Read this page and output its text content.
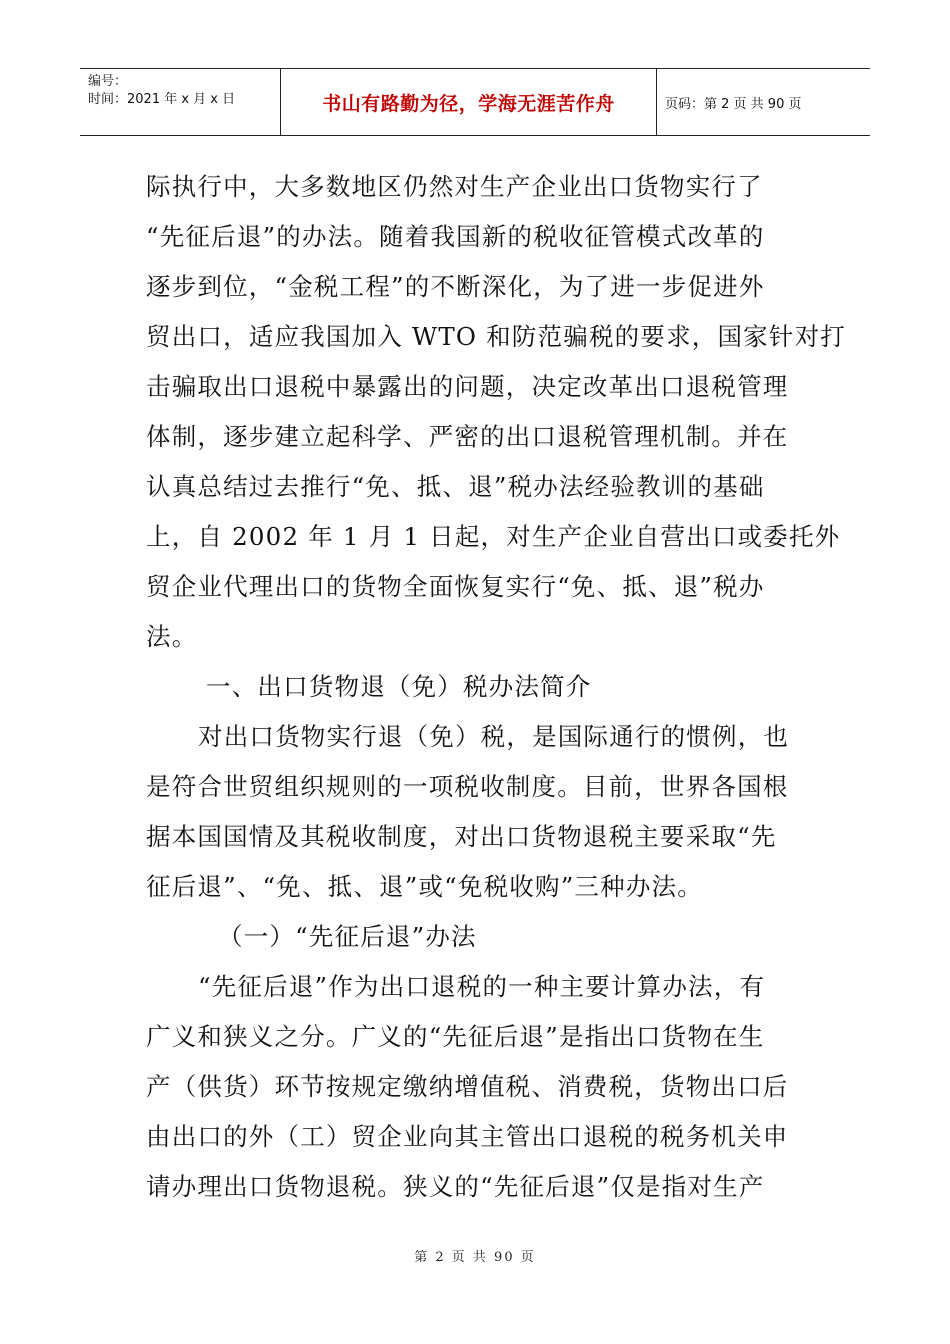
编号：
时间：2021 年 x 月 x 日	书山有路勤为径，学海无涯苦作舟	页码：第 2 页 共 90 页
际执行中，大多数地区仍然对生产企业出口货物实行了
“先征后退”的办法。随着我国新的税收征管模式改革的
逐步到位，“金税工程”的不断深化，为了进一步促进外
贸出口，适应我国加入 WTO 和防范骗税的要求，国家针对打
击骗取出口退税中暴露出的问题，决定改革出口退税管理
体制，逐步建立起科学、严密的出口退税管理机制。并在
认真总结过去推行“免、抵、退”税办法经验教训的基础
上，自 2002 年 1 月 1 日起，对生产企业自营出口或委托外
贸企业代理出口的货物全面恢复实行“免、抵、退”税办
法。
一、出口货物退（免）税办法简介
对出口货物实行退（免）税，是国际通行的惯例，也
是符合世贸组织规则的一项税收制度。目前，世界各国根
据本国国情及其税收制度，对出口货物退税主要采取“先
征后退”、“免、抵、退”或“免税收购”三种办法。
（一）“先征后退”办法
“先征后退”作为出口退税的一种主要计算办法，有
广义和狭义之分。广义的“先征后退”是指出口货物在生
产（供货）环节按规定缴纳增值税、消费税，货物出口后
由出口的外（工）贸企业向其主管出口退税的税务机关申
请办理出口货物退税。狭义的“先征后退”仅是指对生产
第 2 页 共 90 页
